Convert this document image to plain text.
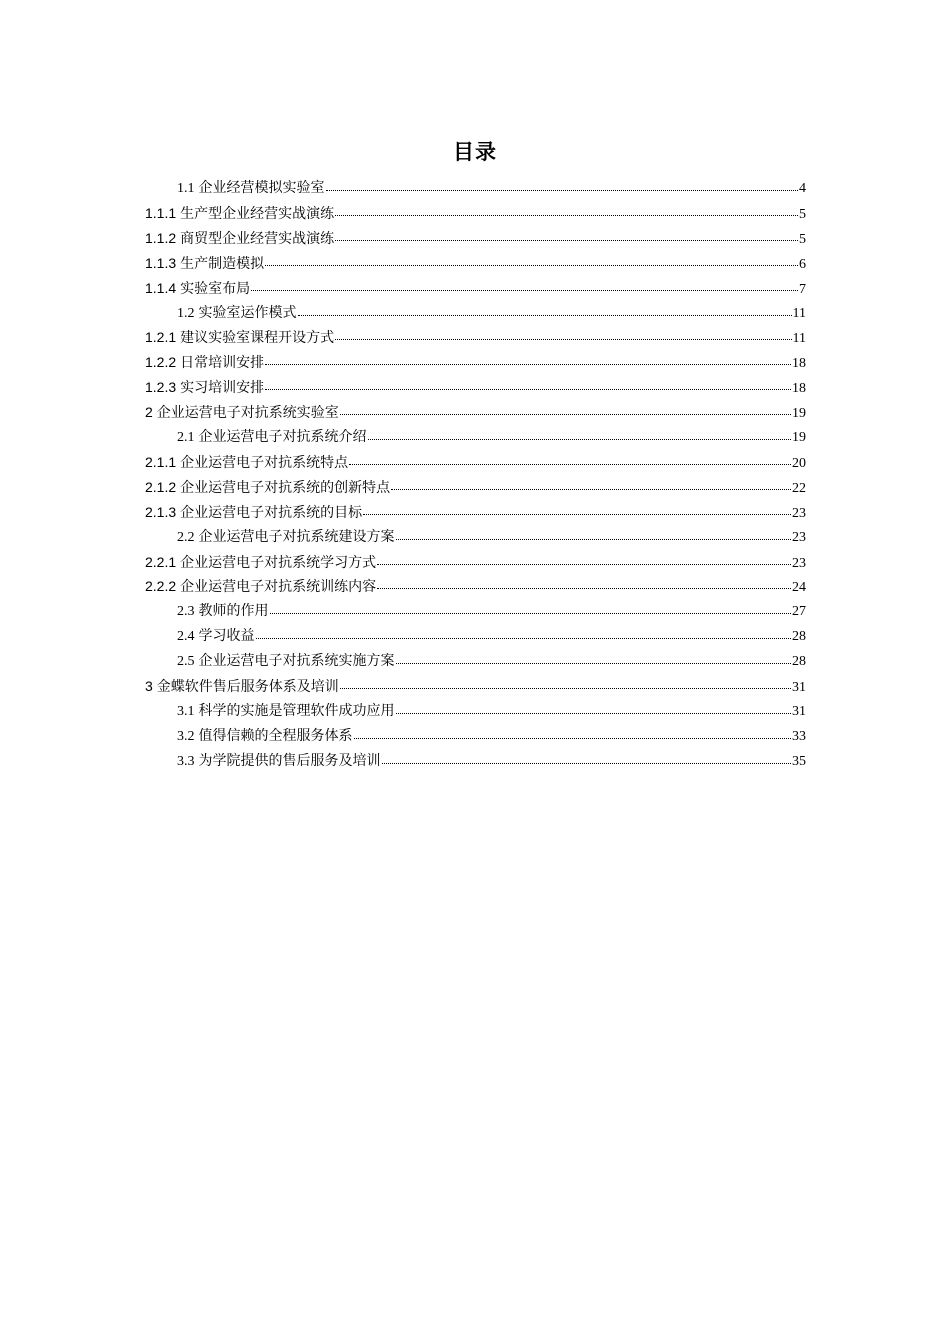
目录
1.1 企业经营模拟实验室	4
1.1.1 生产型企业经营实战演练	5
1.1.2 商贸型企业经营实战演练	5
1.1.3 生产制造模拟	6
1.1.4 实验室布局	7
1.2 实验室运作模式	11
1.2.1 建议实验室课程开设方式	11
1.2.2 日常培训安排	18
1.2.3 实习培训安排	18
2 企业运营电子对抗系统实验室	19
2.1 企业运营电子对抗系统介绍	19
2.1.1 企业运营电子对抗系统特点	20
2.1.2 企业运营电子对抗系统的创新特点	22
2.1.3 企业运营电子对抗系统的目标	23
2.2 企业运营电子对抗系统建设方案	23
2.2.1 企业运营电子对抗系统学习方式	23
2.2.2 企业运营电子对抗系统训练内容	24
2.3 教师的作用	27
2.4 学习收益	28
2.5 企业运营电子对抗系统实施方案	28
3 金蝶软件售后服务体系及培训	31
3.1 科学的实施是管理软件成功应用	31
3.2 值得信赖的全程服务体系	33
3.3 为学院提供的售后服务及培训	35
